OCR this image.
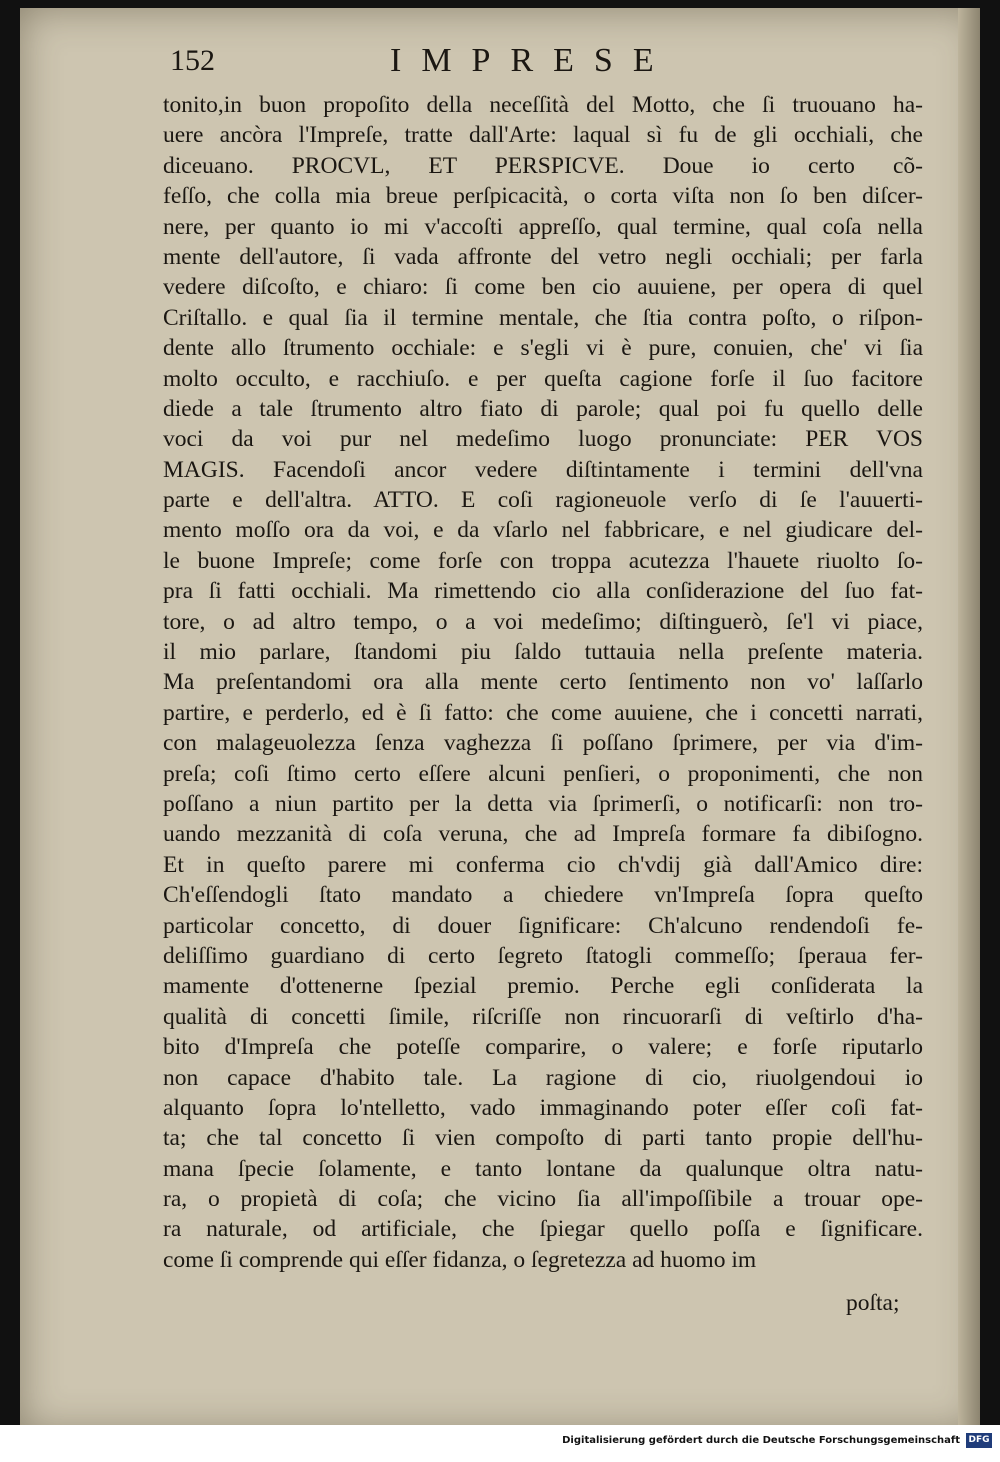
152	IMPRESE
tonito,in buon propoſito della neceſſità del Motto, che ſi truouano ha-
uere ancòra l'Impreſe, tratte dall'Arte: laqual sì fu de gli occhiali, che
diceuano. PROCVL, ET PERSPICVE. Doue io certo cõ-
feſſo, che colla mia breue perſpicacità, o corta viſta non ſo ben diſcer-
nere, per quanto io mi v'accoſti appreſſo, qual termine, qual coſa nella
mente dell'autore, ſi vada affronte del vetro negli occhiali; per farla
vedere diſcoſto, e chiaro: ſi come ben cio auuiene, per opera di quel
Criſtallo. e qual ſia il termine mentale, che ſtia contra poſto, o riſpon-
dente allo ſtrumento occhiale: e s'egli vi è pure, conuien, che' vi ſia
molto occulto, e racchiuſo. e per queſta cagione forſe il ſuo facitore
diede a tale ſtrumento altro fiato di parole; qual poi fu quello delle
voci da voi pur nel medeſimo luogo pronunciate: PER VOS
MAGIS. Facendoſi ancor vedere diſtintamente i termini dell'vna
parte e dell'altra. ATTO. E coſi ragioneuole verſo di ſe l'auuerti-
mento moſſo ora da voi, e da vſarlo nel fabbricare, e nel giudicare del-
le buone Impreſe; come forſe con troppa acutezza l'hauete riuolto ſo-
pra ſi fatti occhiali. Ma rimettendo cio alla conſiderazione del ſuo fat-
tore, o ad altro tempo, o a voi medeſimo; diſtinguerò, ſe'l vi piace,
il mio parlare, ſtandomi piu ſaldo tuttauia nella preſente materia.
Ma preſentandomi ora alla mente certo ſentimento non vo' laſſarlo
partire, e perderlo, ed è ſi fatto: che come auuiene, che i concetti narrati,
con malageuolezza ſenza vaghezza ſi poſſano ſprimere, per via d'im-
preſa; coſi ſtimo certo eſſere alcuni penſieri, o proponimenti, che non
poſſano a niun partito per la detta via ſprimerſi, o notificarſi: non tro-
uando mezzanità di coſa veruna, che ad Impreſa formare fa dibiſogno.
Et in queſto parere mi conferma cio ch'vdij già dall'Amico dire:
Ch'eſſendogli ſtato mandato a chiedere vn'Impreſa ſopra queſto
particolar concetto, di douer ſignificare: Ch'alcuno rendendoſi fe-
deliſſimo guardiano di certo ſegreto ſtatogli commeſſo; ſperaua fer-
mamente d'ottenerne ſpezial premio. Perche egli conſiderata la
qualità di concetti ſimile, riſcriſſe non rincuorarſi di veſtirlo d'ha-
bito d'Impreſa che poteſſe comparire, o valere; e forſe riputarlo
non capace d'habito tale. La ragione di cio, riuolgendoui io
alquanto ſopra lo'ntelletto, vado immaginando poter eſſer coſi fat-
ta; che tal concetto ſi vien compoſto di parti tanto propie dell'hu-
mana ſpecie ſolamente, e tanto lontane da qualunque oltra natu-
ra, o propietà di coſa; che vicino ſia all'impoſſibile a trouar ope-
ra naturale, od artificiale, che ſpiegar quello poſſa e ſignificare.
come ſi comprende qui eſſer fidanza, o ſegretezza ad huomo im
poſta;
Digitalisierung gefördert durch die Deutsche Forschungsgemeinschaft DFG
